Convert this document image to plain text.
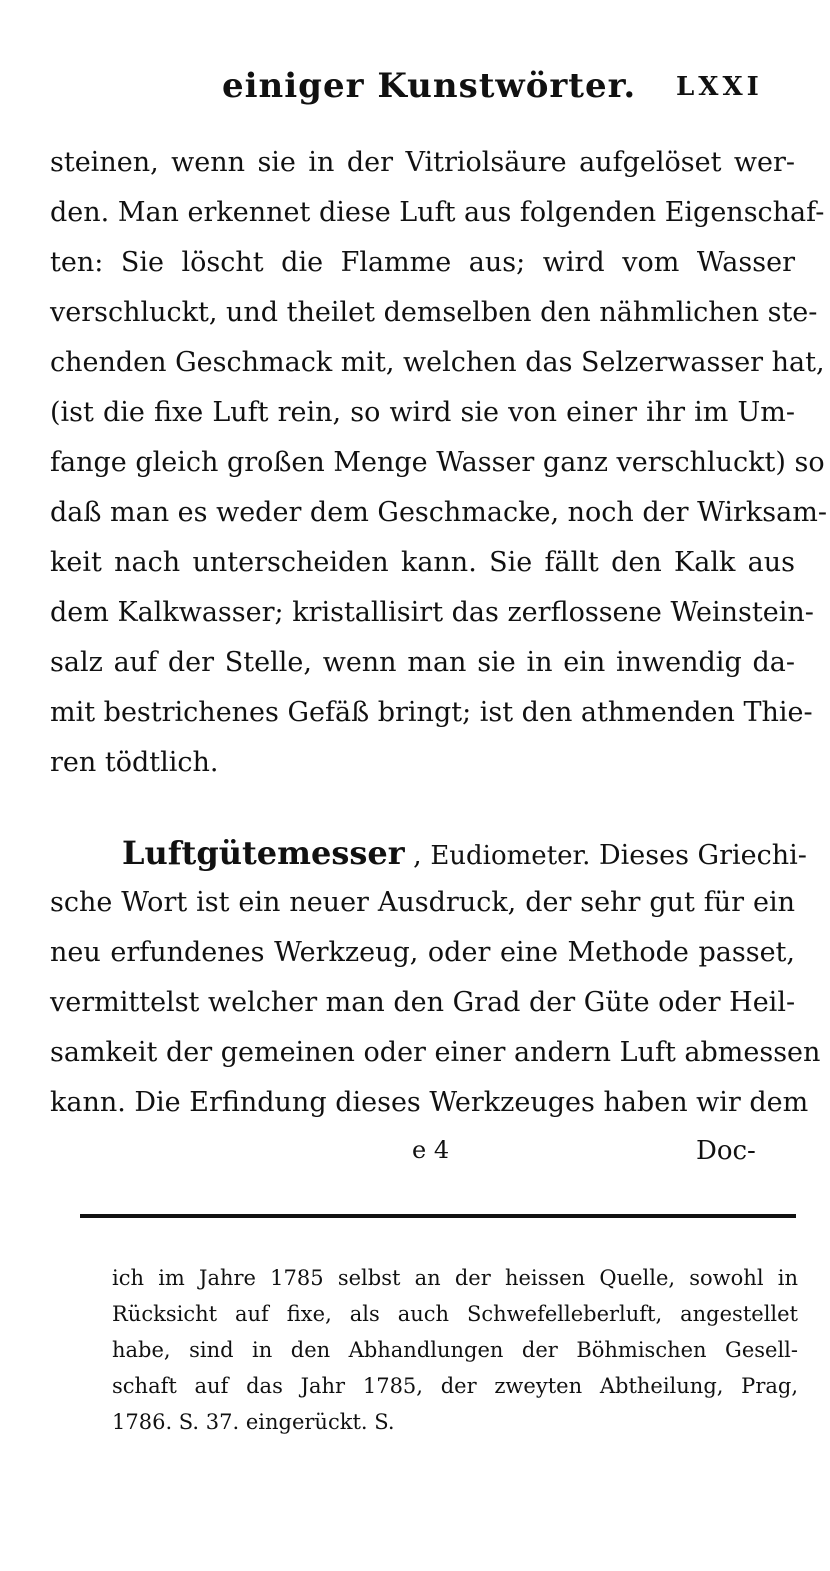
einiger Kunstwörter. LXXI
steinen, wenn sie in der Vitriolsäure aufgelöset wer-
den. Man erkennet diese Luft aus folgenden Eigenschaf-
ten: Sie löscht die Flamme aus; wird vom Wasser
verschluckt, und theilet demselben den nähmlichen ste-
chenden Geschmack mit, welchen das Selzerwasser hat,
(ist die fixe Luft rein, so wird sie von einer ihr im Um-
fange gleich großen Menge Wasser ganz verschluckt) so
daß man es weder dem Geschmacke, noch der Wirksam-
keit nach unterscheiden kann. Sie fällt den Kalk aus
dem Kalkwasser; kristallisirt das zerflossene Weinstein-
salz auf der Stelle, wenn man sie in ein inwendig da-
mit bestrichenes Gefäß bringt; ist den athmenden Thie-
ren tödtlich.
Luftgütemesser , Eudiometer. Dieses Griechi-
sche Wort ist ein neuer Ausdruck, der sehr gut für ein
neu erfundenes Werkzeug, oder eine Methode passet,
vermittelst welcher man den Grad der Güte oder Heil-
samkeit der gemeinen oder einer andern Luft abmessen
kann. Die Erfindung dieses Werkzeuges haben wir dem
e 4	Doc-
ich im Jahre 1785 selbst an der heissen Quelle, sowohl in
Rücksicht auf fixe, als auch Schwefelleberluft, angestellet
habe, sind in den Abhandlungen der Böhmischen Gesell-
schaft auf das Jahr 1785, der zweyten Abtheilung, Prag,
1786. S. 37. eingerückt. S.
